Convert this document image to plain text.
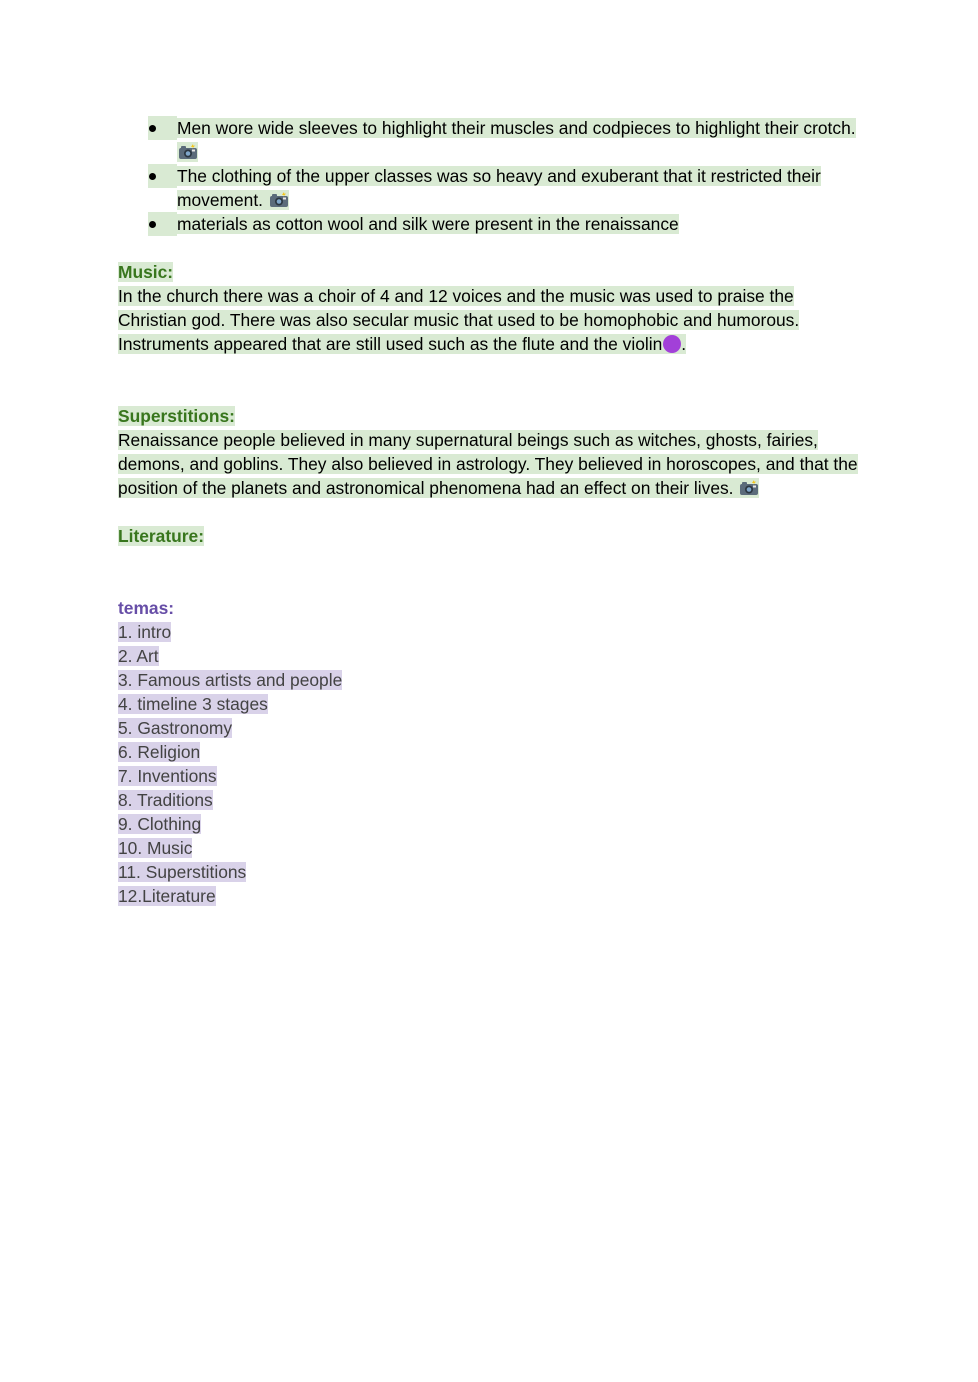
Men wore wide sleeves to highlight their muscles and codpieces to highlight their crotch.
The clothing of the upper classes was so heavy and exuberant that it restricted their movement.
materials as cotton wool and silk were present in the renaissance
Music:

In the church there was a choir of 4 and 12 voices and the music was used to praise the Christian god. There was also secular music that used to be homophobic and humorous. Instruments appeared that are still used such as the flute and the violin .

Superstitions:

Renaissance people believed in many supernatural beings such as witches, ghosts, fairies, demons, and goblins. They also believed in astrology. They believed in horoscopes, and that the position of the planets and astronomical phenomena had an effect on their lives.

Literature:
temas:
1. intro
2. Art
3. Famous artists and people
4. timeline 3 stages
5. Gastronomy
6. Religion
7. Inventions
8. Traditions
9. Clothing
10. Music
11. Superstitions
12.Literature
